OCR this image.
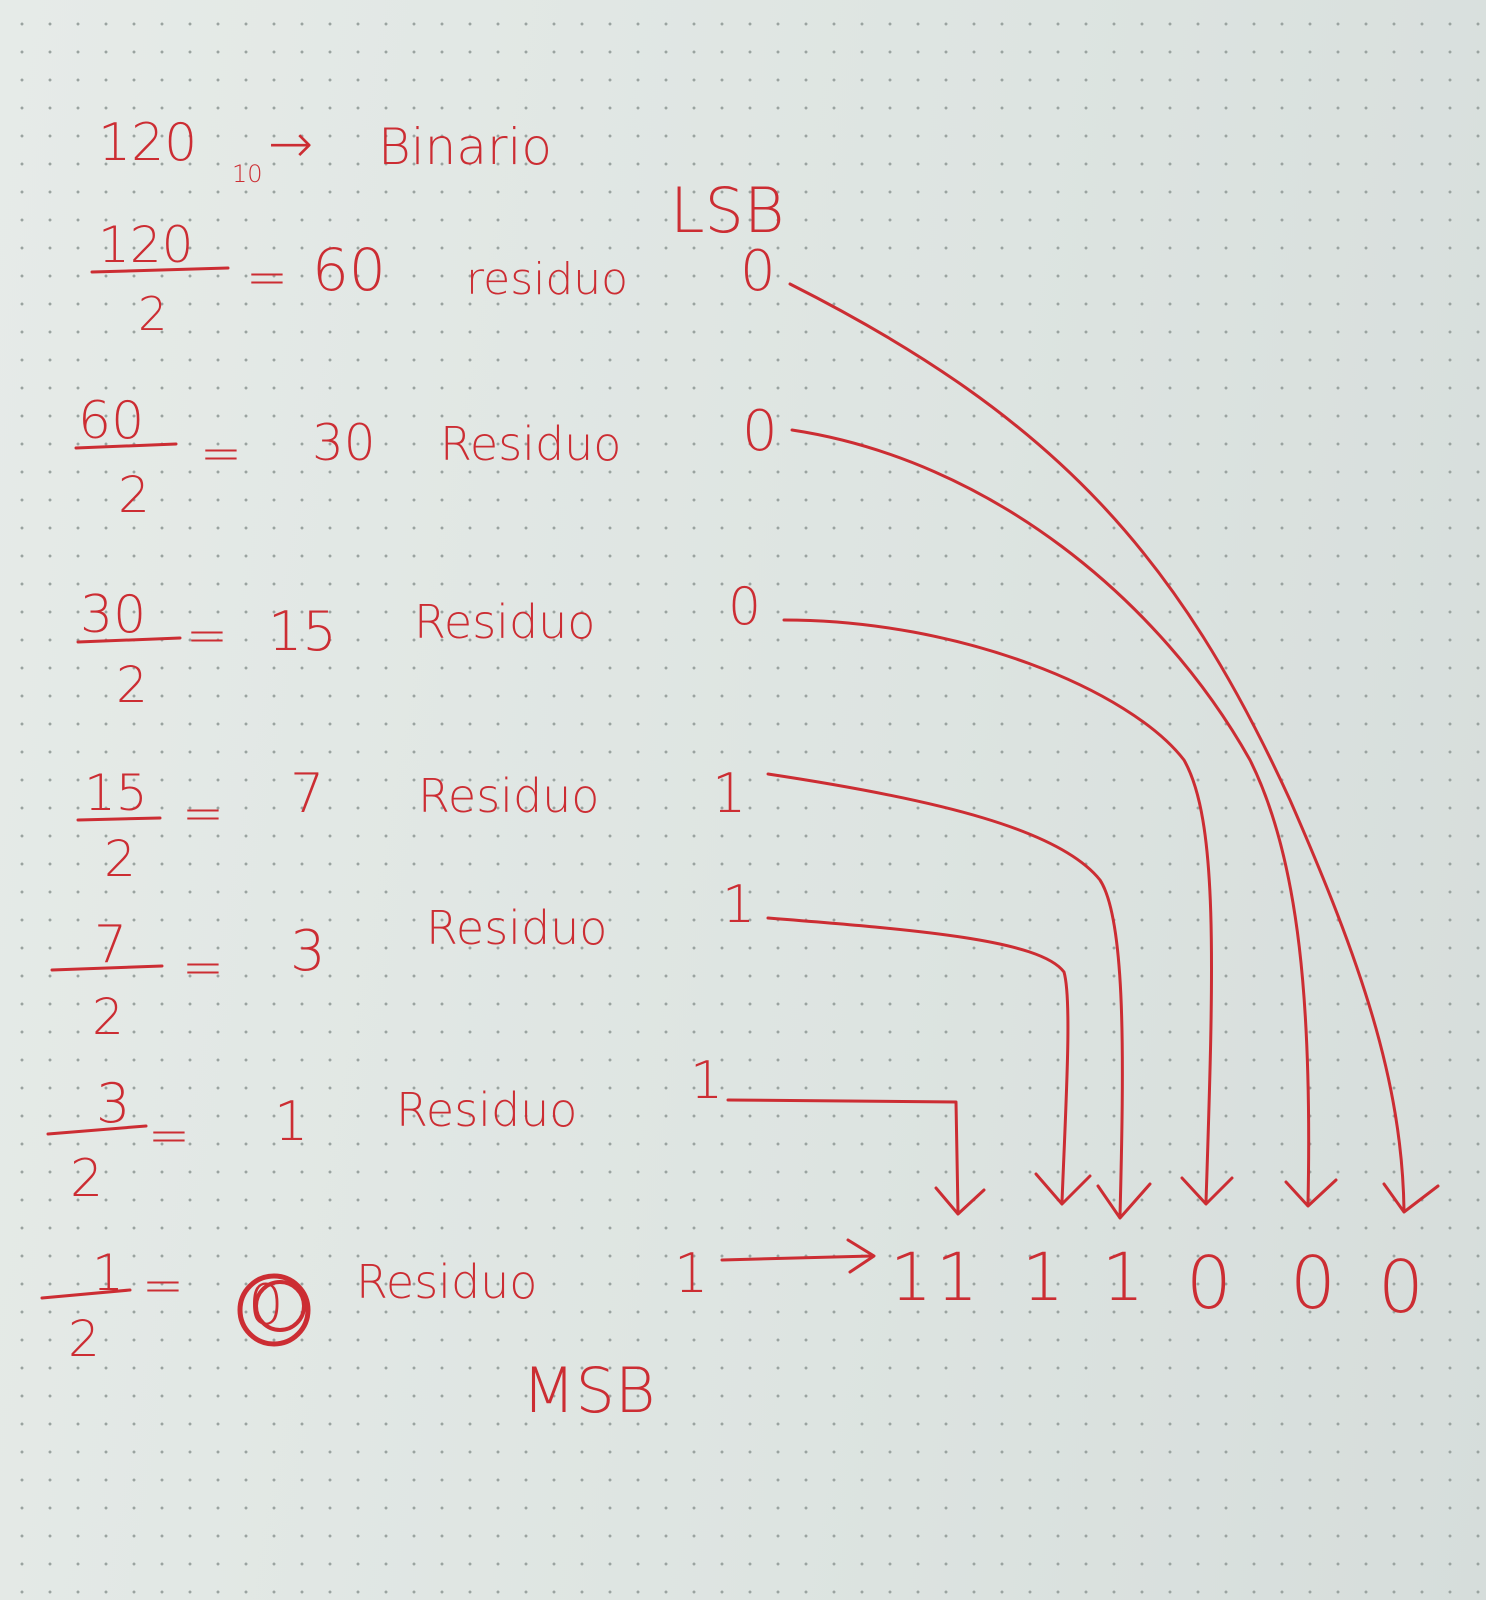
120
10 → Binario
LSB
MSB
120
2
= 60 residuo 0
60
2
= 30 Residuo 0
30
2
= 15 Residuo	0
15
2
= 7 Residuo 1
7
2
= 3 Residuo 1
3
2
= 1 Residuo 1
1
2
= 0 Residuo	1	1 1 1 1 0 0 0
